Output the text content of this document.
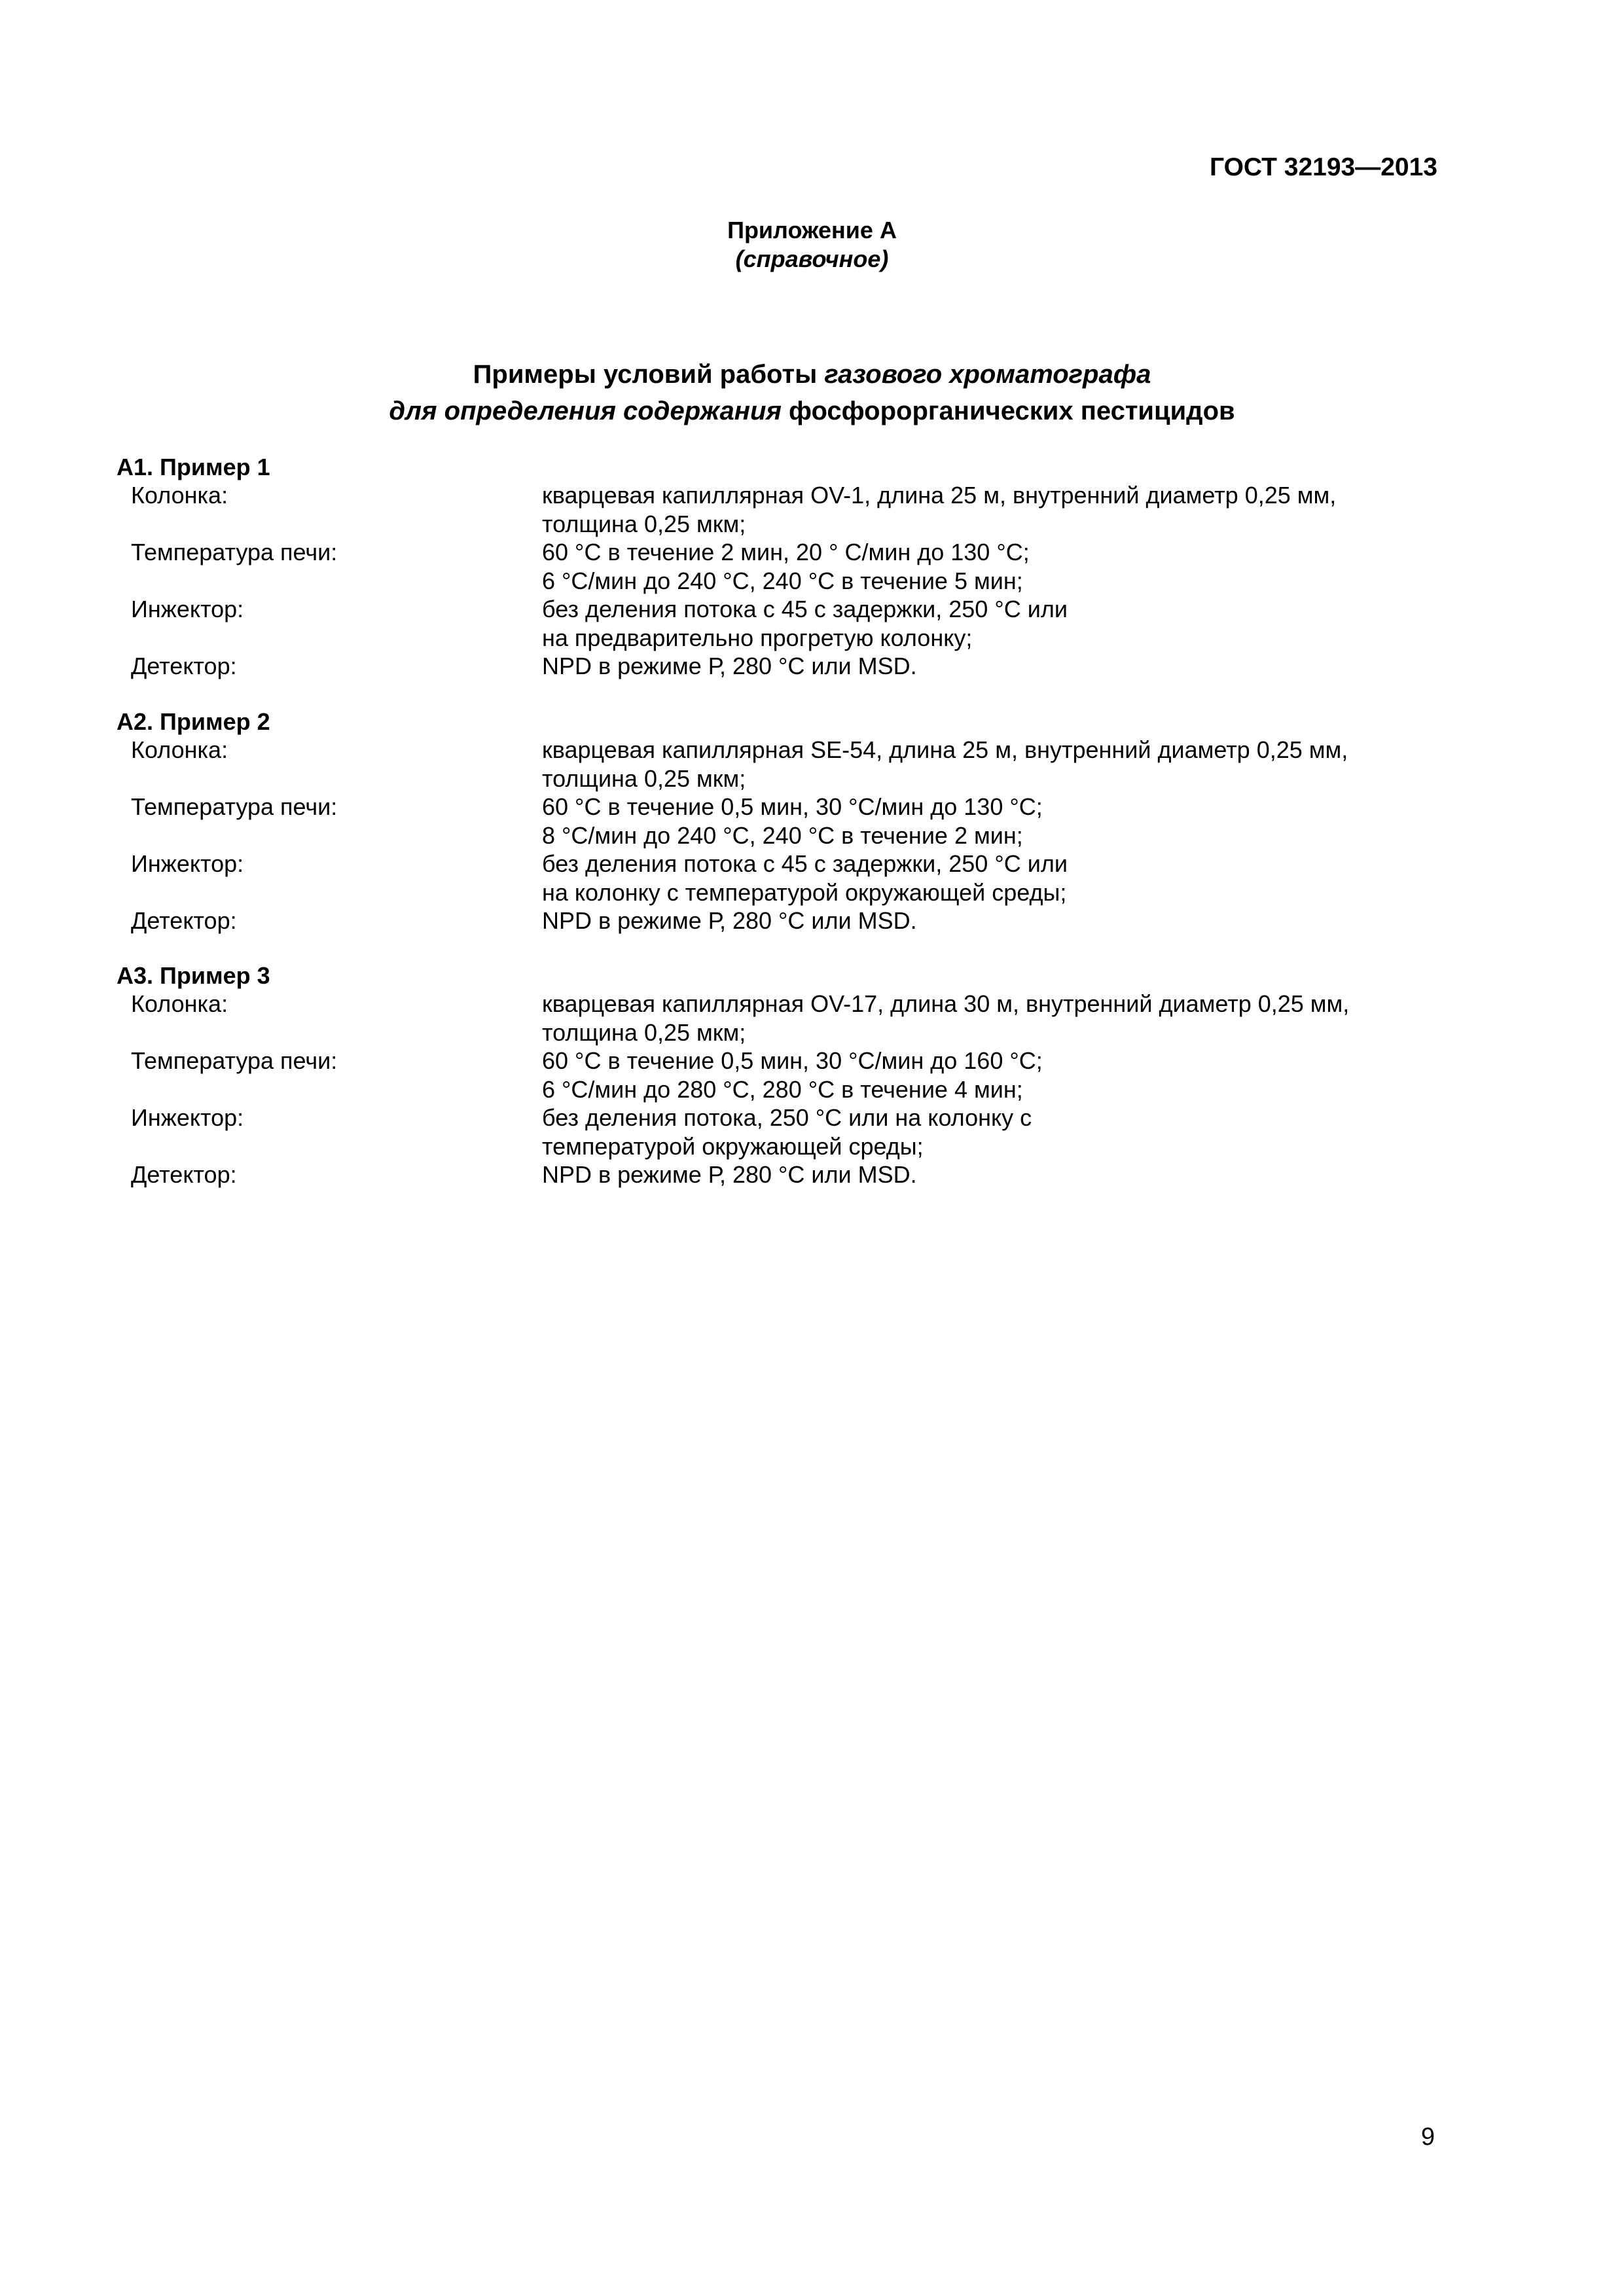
ГОСТ 32193—2013
Приложение А
(справочное)
Примеры условий работы газового хроматографа
для определения содержания фосфорорганических пестицидов
А1. Пример 1
Колонка:	кварцевая капиллярная OV-1, длина 25 м, внутренний диаметр 0,25 мм,
толщина 0,25 мкм;
Температура печи:	60 °С в течение 2 мин, 20 ° С/мин до 130 °С;
6 °С/мин до 240 °С, 240 °С в течение 5 мин;
Инжектор:	без деления потока с 45 с задержки, 250 °С или
на предварительно прогретую колонку;
Детектор:	NPD в режиме Р, 280 °С или MSD.
А2. Пример 2
Колонка:	кварцевая капиллярная SE-54, длина 25 м, внутренний диаметр 0,25 мм,
толщина 0,25 мкм;
Температура печи:	60 °С в течение 0,5 мин, 30 °С/мин до 130 °С;
8 °С/мин до 240 °С, 240 °С в течение 2 мин;
Инжектор:	без деления потока с 45 с задержки, 250 °С или
на колонку с температурой окружающей среды;
Детектор:	NPD в режиме Р, 280 °С или MSD.
А3. Пример 3
Колонка:	кварцевая капиллярная OV-17, длина 30 м, внутренний диаметр 0,25 мм,
толщина 0,25 мкм;
Температура печи:	60 °С в течение 0,5 мин, 30 °С/мин до 160 °С;
6 °С/мин до 280 °С, 280 °С в течение 4 мин;
Инжектор:	без деления потока, 250 °С или на колонку с
температурой окружающей среды;
Детектор:	NPD в режиме Р, 280 °С или MSD.
9
